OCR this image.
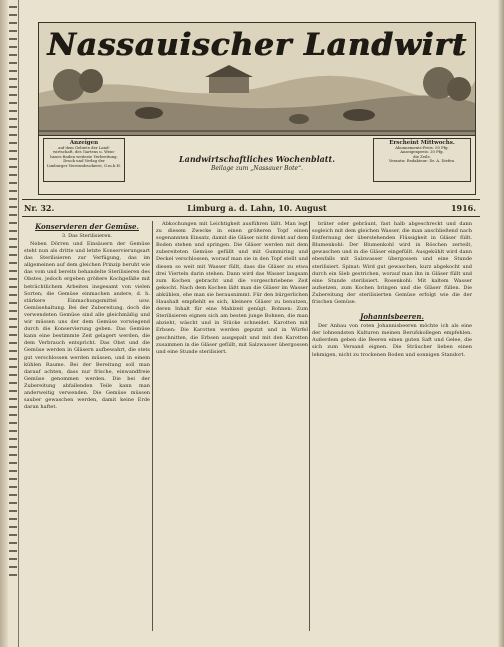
Nassauischer Landwirt
Anzeigen
auf dem Gebiete der Land-
wirtschaft, des Gartens u. Wein-
baues finden weiteste Verbreitung.
Druck und Verlag der
Limburger Vereinsdruckerei, G.m.b.H.
Landwirtschaftliches Wochenblatt.
Beilage zum „Nassauer Bote“.
Erscheint Mittwochs.
Abonnements-Preis: 50 Pfg.
Anzeigenpreis: 20 Pfg.
die Zeile.
Verantw. Redakteur: Dr. A. Diefen.
Nr. 32.	Limburg a. d. Lahn, 10. August	1916.
Konservieren der Gemüse.
3. Das Sterilisieren.

Neben Dörren und Einsäuern der Gemüse steht nun als dritte und letzte Konservierungsart das Sterilisieren zur Verfügung, das im allgemeinen auf dem gleichen Prinzip beruht wie das vom und bereits behandelte Sterilisieren des Obstes, jedoch ergeben größere Kochgefäße mit beträchtlichem Arbeiten insgesamt von vielen Sorten; die Gemüse einmachen andere, d. h. stärkere Einmachungsmittel usw. Gemüsehaltung. Bei der Zubereitung, doch die verwendeten Gemüse sind alle gleichmäßig und wir müssen uns der dem Gemüse vorwiegend durch die Konservierung geben. Das Gemüse kann eine bestimmte Zeit gelagert werden, die dem Verbrauch entspricht. Das Obst und die Gemüse werden in Gläsern aufbewahrt, die stets gut verschlossen werden müssen, und in einem kühlen Raume. Bei der Bereitung soll man darauf achten, dass nur frische, einwandfreie Gemüse genommen werden. Die bei der Zubereitung abfallenden Teile kann man anderweitig verwenden. Die Gemüse müssen sauber gewaschen werden, damit keine Erde daran haftet.

Abkochungen mit Leichtigkeit ausführen läßt. Man legt zu diesem Zwecke in einen größeren Topf einen sogenannten Einsatz, damit die Gläser nicht direkt auf dem Boden stehen und springen. Die Gläser werden mit dem zubereiteten Gemüse gefüllt und mit Gummiring und Deckel verschlossen, worauf man sie in den Topf stellt und diesen so weit mit Wasser füllt, dass die Gläser zu etwa drei Vierteln darin stehen. Dann wird das Wasser langsam zum Kochen gebracht und die vorgeschriebene Zeit gekocht. Nach dem Kochen läßt man die Gläser im Wasser abkühlen, ehe man sie herausnimmt. Für den bürgerlichen Haushalt empfiehlt es sich, kleinere Gläser zu benutzen, deren Inhalt für eine Mahlzeit genügt. Bohnen: Zum Sterilisieren eignen sich am besten junge Bohnen, die man abzieht, wäscht und in Stücke schneidet. Karotten mit Erbsen: Die Karotten werden geputzt und in Würfel geschnitten, die Erbsen ausgepalt und mit den Karotten zusammen in die Gläser gefüllt, mit Salzwasser übergossen und eine Stunde sterilisiert.

bräter oder gebräunt, fast halb abgeschreckt und dann sogleich mit dem gleichen Wasser, die man anschließend nach Entfernung der überstehenden Flüssigkeit in Gläser füllt. Blumenkohl: Der Blumenkohl wird in Röschen zerteilt, gewaschen und in die Gläser eingefüllt. Ausgekühlt wird dann ebenfalls mit Salzwasser übergossen und eine Stunde sterilisiert. Spinat: Wird gut gewaschen, kurz abgekocht und durch ein Sieb gestrichen, worauf man ihn in Gläser füllt und eine Stunde sterilisiert. Rosenkohl: Mit kaltem Wasser aufsetzen, zum Kochen bringen und die Gläser füllen. Die Zubereitung der sterilisierten Gemüse erfolgt wie die der frischen Gemüse.

Johannisbeeren.

Der Anbau von roten Johannisbeeren möchte ich als eine der lohnendsten Kulturen meinen Berufskollegen empfehlen. Außerdem geben die Beeren einen guten Saft und Gelee, die sich zum Versand eignen. Die Sträucher lieben einen lehmigen, nicht zu trockenen Boden und sonnigen Standort.
